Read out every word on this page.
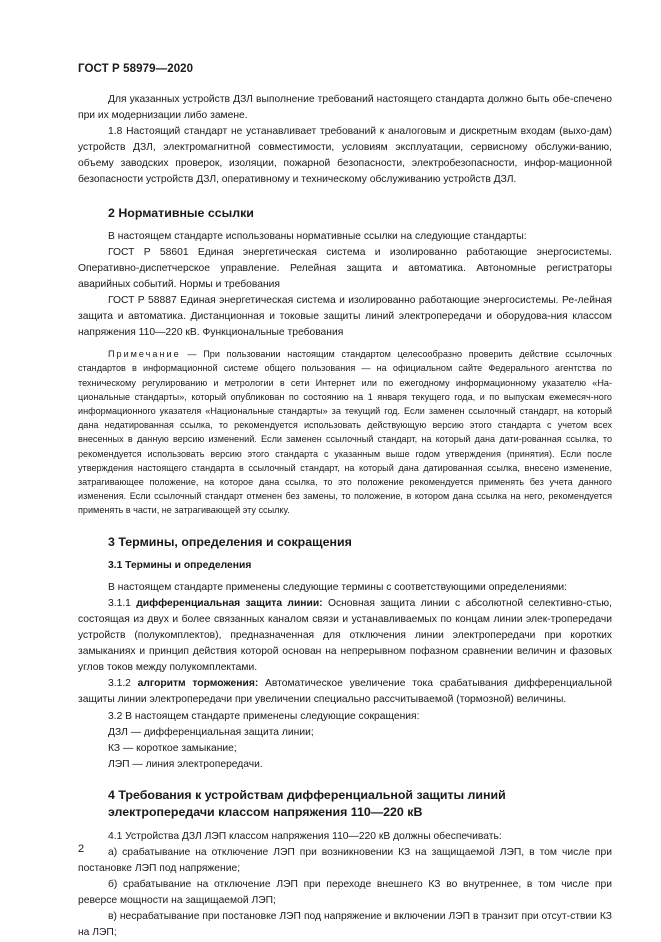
ГОСТ Р 58979—2020

Для указанных устройств ДЗЛ выполнение требований настоящего стандарта должно быть обе-спечено при их модернизации либо замене.

1.8 Настоящий стандарт не устанавливает требований к аналоговым и дискретным входам (выхо-дам) устройств ДЗЛ, электромагнитной совместимости, условиям эксплуатации, сервисному обслужи-ванию, объему заводских проверок, изоляции, пожарной безопасности, электробезопасности, инфор-мационной безопасности устройств ДЗЛ, оперативному и техническому обслуживанию устройств ДЗЛ.

2 Нормативные ссылки

В настоящем стандарте использованы нормативные ссылки на следующие стандарты:

ГОСТ Р 58601 Единая энергетическая система и изолированно работающие энергосистемы. Оперативно-диспетчерское управление. Релейная защита и автоматика. Автономные регистраторы аварийных событий. Нормы и требования

ГОСТ Р 58887 Единая энергетическая система и изолированно работающие энергосистемы. Ре-лейная защита и автоматика. Дистанционная и токовые защиты линий электропередачи и оборудова-ния классом напряжения 110—220 кВ. Функциональные требования

Примечание — При пользовании настоящим стандартом целесообразно проверить действие ссылочных стандартов в информационной системе общего пользования — на официальном сайте Федерального агентства по техническому регулированию и метрологии в сети Интернет или по ежегодному информационному указателю «На-циональные стандарты», который опубликован по состоянию на 1 января текущего года, и по выпускам ежемесяч-ного информационного указателя «Национальные стандарты» за текущий год. Если заменен ссылочный стандарт, на который дана недатированная ссылка, то рекомендуется использовать действующую версию этого стандарта с учетом всех внесенных в данную версию изменений. Если заменен ссылочный стандарт, на который дана дати-рованная ссылка, то рекомендуется использовать версию этого стандарта с указанным выше годом утверждения (принятия). Если после утверждения настоящего стандарта в ссылочный стандарт, на который дана датированная ссылка, внесено изменение, затрагивающее положение, на которое дана ссылка, то это положение рекомендуется применять без учета данного изменения. Если ссылочный стандарт отменен без замены, то положение, в котором дана ссылка на него, рекомендуется применять в части, не затрагивающей эту ссылку.

3 Термины, определения и сокращения

3.1 Термины и определения

В настоящем стандарте применены следующие термины с соответствующими определениями:

3.1.1 дифференциальная защита линии: Основная защита линии с абсолютной селективно-стью, состоящая из двух и более связанных каналом связи и устанавливаемых по концам линии элек-тропередачи устройств (полукомплектов), предназначенная для отключения линии электропередачи при коротких замыканиях и принцип действия которой основан на непрерывном пофазном сравнении величин и фазовых углов токов между полукомплектами.

3.1.2 алгоритм торможения: Автоматическое увеличение тока срабатывания дифференциальной защиты линии электропередачи при увеличении специально рассчитываемой (тормозной) величины.

3.2 В настоящем стандарте применены следующие сокращения:

ДЗЛ — дифференциальная защита линии;

КЗ — короткое замыкание;

ЛЭП — линия электропередачи.

4 Требования к устройствам дифференциальной защиты линий

электропередачи классом напряжения 110—220 кВ

4.1 Устройства ДЗЛ ЛЭП классом напряжения 110—220 кВ должны обеспечивать:

а) срабатывание на отключение ЛЭП при возникновении КЗ на защищаемой ЛЭП, в том числе при постановке ЛЭП под напряжение;

б) срабатывание на отключение ЛЭП при переходе внешнего КЗ во внутреннее, в том числе при реверсе мощности на защищаемой ЛЭП;

в) несрабатывание при постановке ЛЭП под напряжение и включении ЛЭП в транзит при отсут-ствии КЗ на ЛЭП;

2
